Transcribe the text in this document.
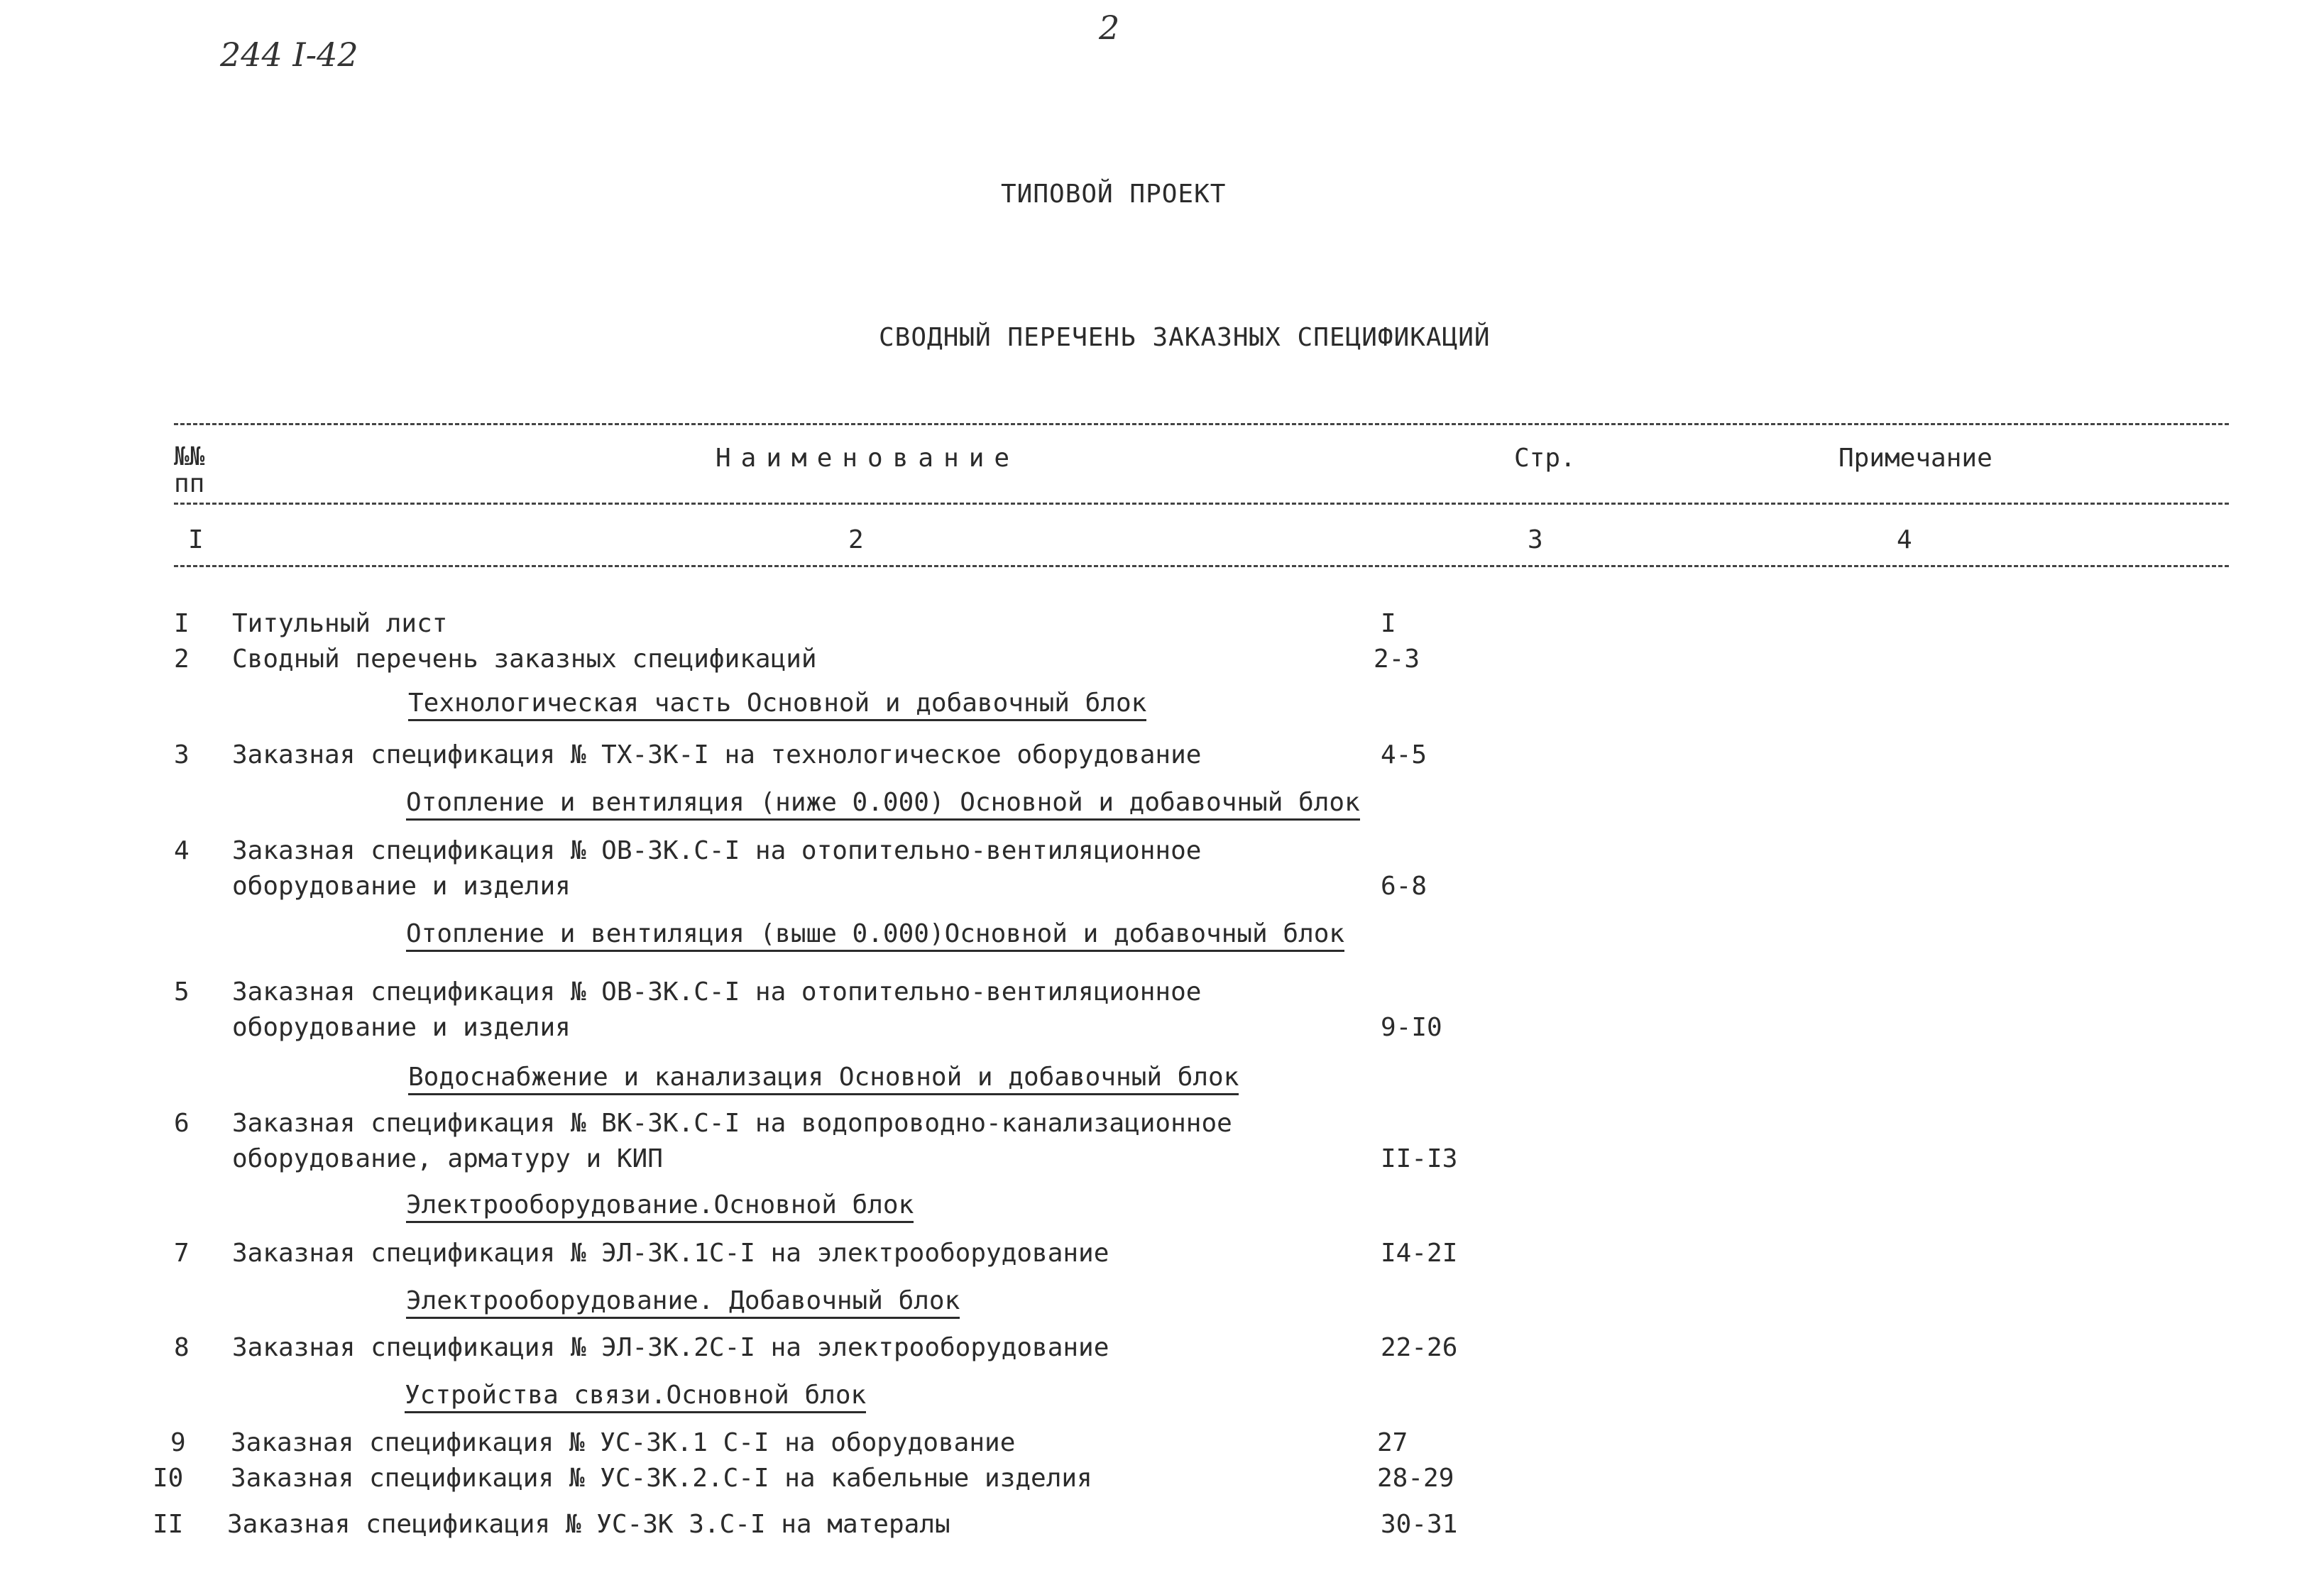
244 I-42
2
ТИПОВОЙ ПРОЕКТ
СВОДНЫЙ ПЕРЕЧЕНЬ ЗАКАЗНЫХ СПЕЦИФИКАЦИЙ
№№
пп
Наименование	Стр.	Примечание
I	2	3	4
I Титульный лист	I
2 Сводный перечень заказных спецификаций	2-3
Технологическая часть Основной и добавочный блок
3 Заказная спецификация № ТХ-3К-I на технологическое оборудование	4-5
Отопление и вентиляция (ниже 0.000) Основной и добавочный блок
4 Заказная спецификация № ОВ-3К.С-I на отопительно-вентиляционное
оборудование и изделия	6-8
Отопление и вентиляция (выше 0.000)Основной и добавочный блок
5 Заказная спецификация № ОВ-3К.С-I на отопительно-вентиляционное
оборудование и изделия	9-I0
Водоснабжение и канализация Основной и добавочный блок
6 Заказная спецификация № ВК-3К.С-I на водопроводно-канализационное
оборудование, арматуру и КИП	II-I3
Электрооборудование.Основной блок
7 Заказная спецификация № ЭЛ-3К.1С-I на электрооборудование	I4-2I
Электрооборудование. Добавочный блок
8 Заказная спецификация № ЭЛ-3К.2С-I на электрооборудование	22-26
Устройства связи.Основной блок
9 Заказная спецификация № УС-3К.1 С-I на оборудование	27
I0 Заказная спецификация № УС-3К.2.С-I на кабельные изделия	28-29
II Заказная спецификация № УС-3К 3.С-I на матерaлы	30-31
